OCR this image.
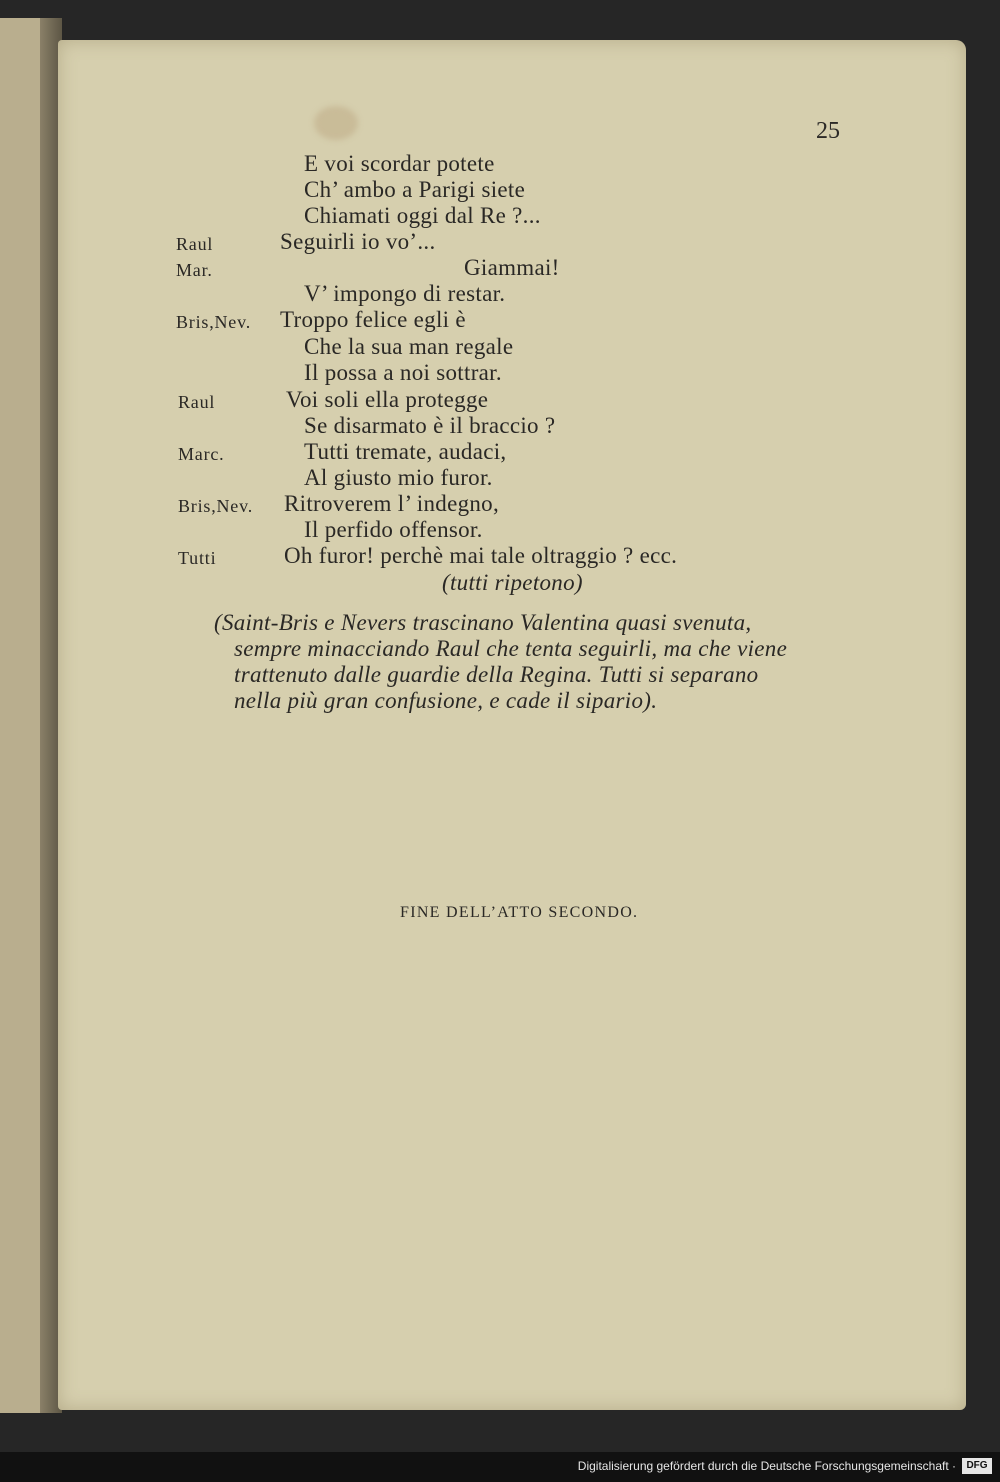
25
E voi scordar potete
Ch’ ambo a Parigi siete
Chiamati oggi dal Re ?...
Raul	Seguirli io vo’...
Mar.	Giammai!
V’ impongo di restar.
Bris,Nev. Troppo felice egli è
Che la sua man regale
Il possa a noi sottrar.
Raul	Voi soli ella protegge
Se disarmato è il braccio ?
Marc.	Tutti tremate, audaci,
Al giusto mio furor.
Bris,Nev. Ritroverem l’ indegno,
Il perfido offensor.
Tutti	Oh furor! perchè mai tale oltraggio ? ecc.
(tutti ripetono)
(Saint-Bris e Nevers trascinano Valentina quasi svenuta,
sempre minacciando Raul che tenta seguirli, ma che viene
trattenuto dalle guardie della Regina. Tutti si separano
nella più gran confusione, e cade il sipario).
FINE DELL’ATTO SECONDO.
Digitalisierung gefördert durch die Deutsche Forschungsgemeinschaft ·	DFG
